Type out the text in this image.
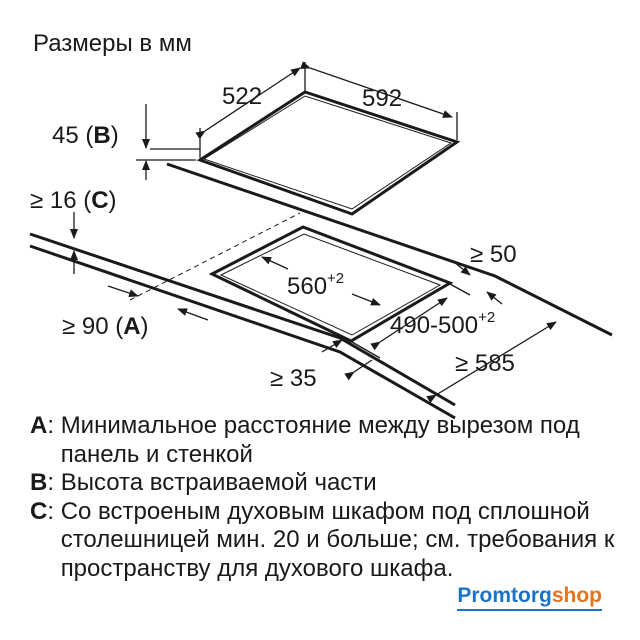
Размеры в мм
522	592
45 (B)
≥ 16 (C)
$560^{+2}$
$490-500^{+2}$
≥ 50
≥ 90 (A)
≥ 35
≥ 585
A : Минимальное расстояние между вырезом под панель и стенкой
B : Высота встраиваемой части
C : Со встроеным духовым шкафом под сплошной столешницей мин. 20 и больше; см. требования к пространству для духового шкафа.
Promtorgshop
